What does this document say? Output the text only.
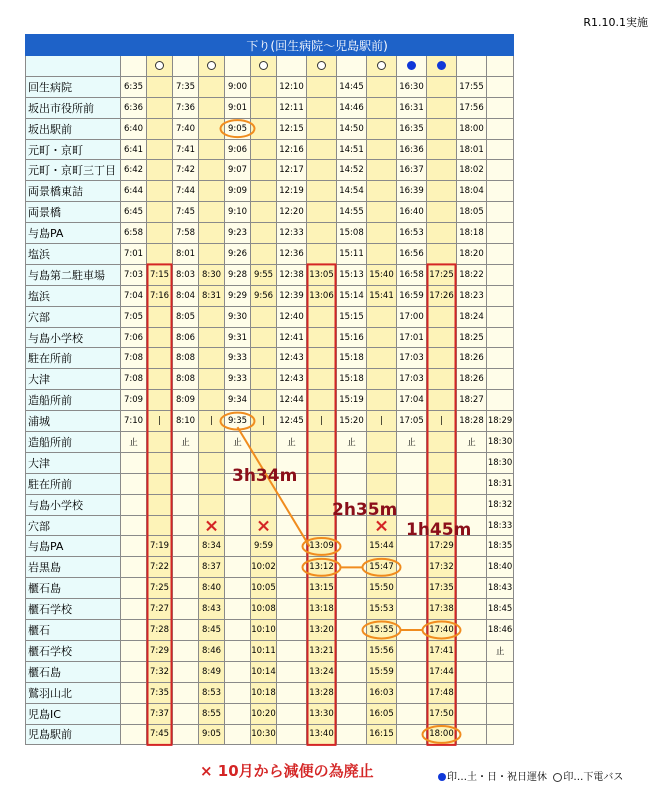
R1.10.1実施
	下り(回生病院～児島駅前)													

回生病院	6:35		7:35		9:00		12:10		14:45		16:30		17:55	
坂出市役所前	6:36		7:36		9:01		12:11		14:46		16:31		17:56	
坂出駅前	6:40		7:40		9:05		12:15		14:50		16:35		18:00	
元町・京町	6:41		7:41		9:06		12:16		14:51		16:36		18:01	
元町・京町三丁目	6:42		7:42		9:07		12:17		14:52		16:37		18:02	
両景橋東詰	6:44		7:44		9:09		12:19		14:54		16:39		18:04	
両景橋	6:45		7:45		9:10		12:20		14:55		16:40		18:05	
与島PA	6:58		7:58		9:23		12:33		15:08		16:53		18:18	
塩浜	7:01		8:01		9:26		12:36		15:11		16:56		18:20	
与島第二駐車場	7:03	7:15	8:03	8:30	9:28	9:55	12:38	13:05	15:13	15:40	16:58	17:25	18:22	
塩浜	7:04	7:16	8:04	8:31	9:29	9:56	12:39	13:06	15:14	15:41	16:59	17:26	18:23	
穴部	7:05		8:05		9:30		12:40		15:15		17:00		18:24	
与島小学校	7:06		8:06		9:31		12:41		15:16		17:01		18:25	
駐在所前	7:08		8:08		9:33		12:43		15:18		17:03		18:26	
大津	7:08		8:08		9:33		12:43		15:18		17:03		18:26	
造船所前	7:09		8:09		9:34		12:44		15:19		17:04		18:27	
浦城	7:10	|	8:10	|	9:35	|	12:45	|	15:20	|	17:05	|	18:28	18:29
造船所前	止		止		止		止		止		止		止	18:30
大津														18:30
駐在所前														18:31
与島小学校														18:32
穴部														18:33
与島PA		7:19		8:34		9:59		13:09		15:44		17:29		18:35
岩黒島		7:22		8:37		10:02		13:12		15:47		17:32		18:40
櫃石島		7:25		8:40		10:05		13:15		15:50		17:35		18:43
櫃石学校		7:27		8:43		10:08		13:18		15:53		17:38		18:45
櫃石		7:28		8:45		10:10		13:20		15:55		17:40		18:46
櫃石学校		7:29		8:46		10:11		13:21		15:56		17:41		止
櫃石島		7:32		8:49		10:14		13:24		15:59		17:44		
鷲羽山北		7:35		8:53		10:18		13:28		16:03		17:48		
児島IC		7:37		8:55		10:20		13:30		16:05		17:50		
児島駅前		7:45		9:05		10:30		13:40		16:15		18:00		
× ×	×
3h34m
2h35m
1h45m
× 10月から減便の為廃止	印…土・日・祝日運休 印…下電バス
